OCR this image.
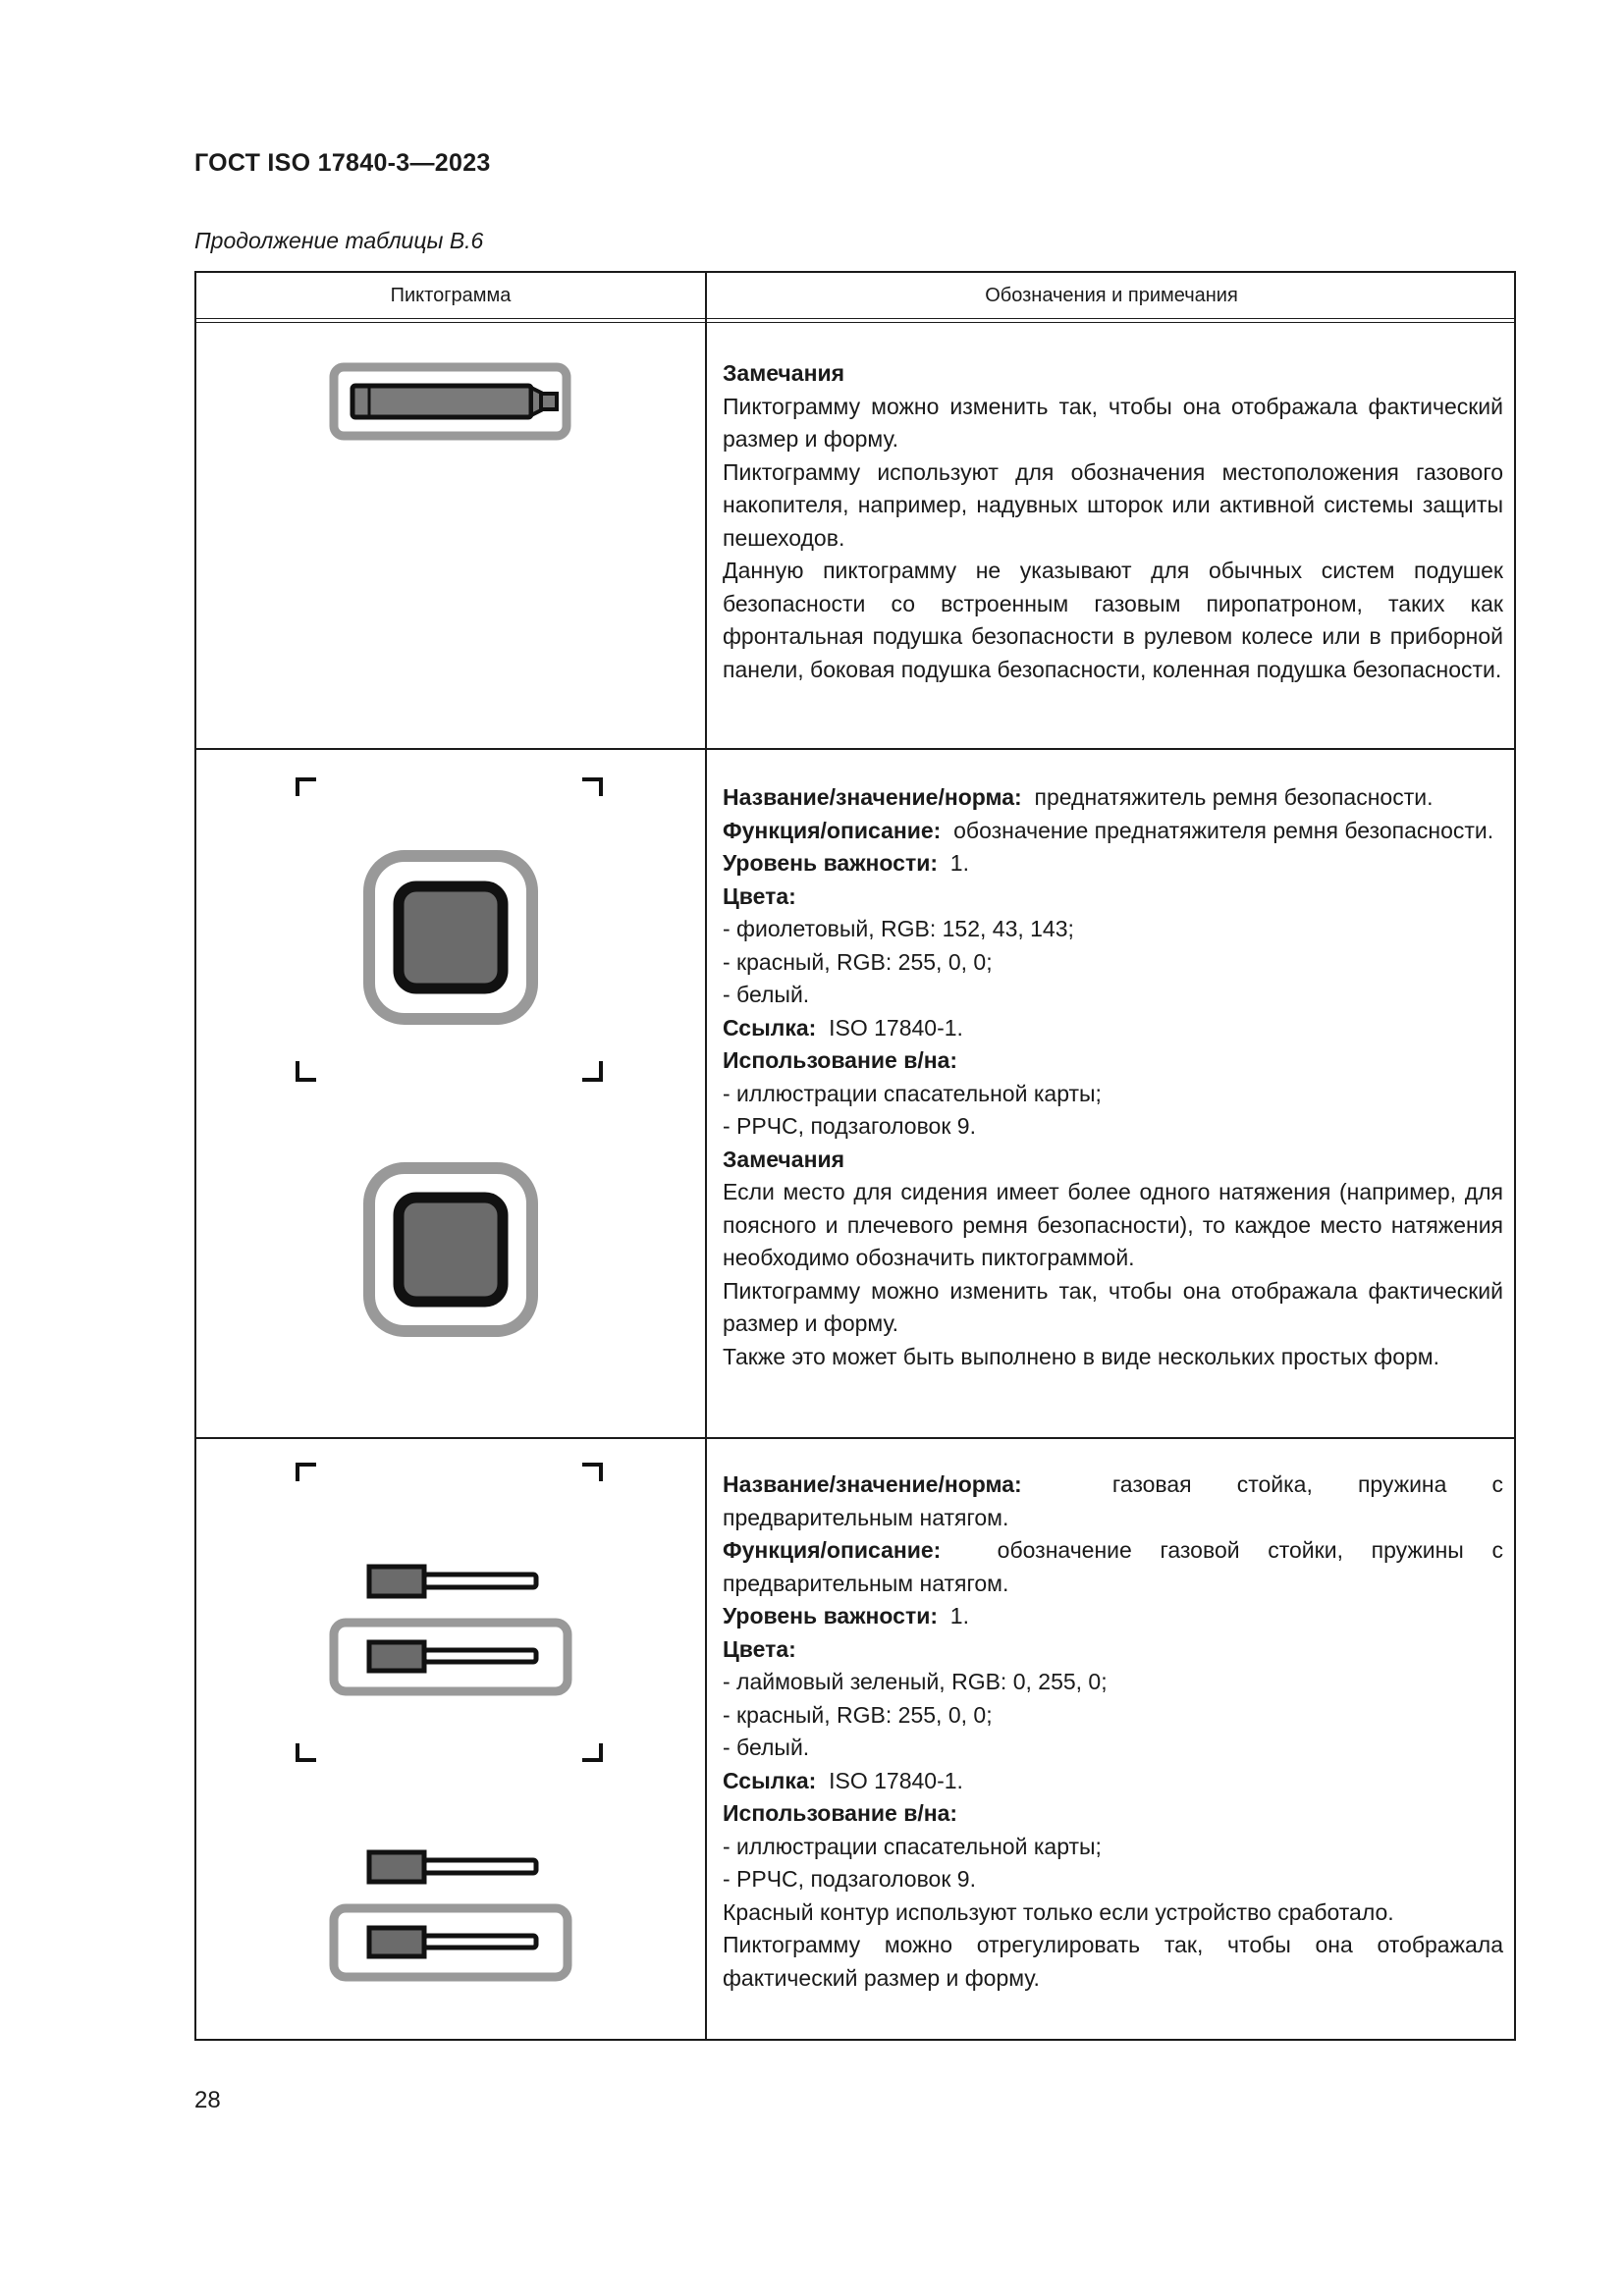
ГОСТ ISO 17840-3—2023
Продолжение таблицы В.6
Пиктограмма	Обозначения и примечания

Замечания

Пиктограмму можно изменить так, чтобы она отображала фактический размер и форму.

Пиктограмму используют для обозначения местоположения газового накопителя, например, надувных шторок или активной системы защиты пешеходов.

Данную пиктограмму не указывают для обычных систем подушек безопасности со встроенным газовым пиропатроном, таких как фронтальная подушка безопасности в рулевом колесе или в приборной панели, боковая подушка безопасности, коленная подушка безопасности.

Название/значение/норма: преднатяжитель ремня безопасности.

Функция/описание: обозначение преднатяжителя ремня безопасности.

Уровень важности: 1.

Цвета:

- фиолетовый, RGB: 152, 43, 143;

- красный, RGB: 255, 0, 0;

- белый.

Ссылка: ISO 17840-1.

Использование в/на:

- иллюстрации спасательной карты;

- РРЧС, подзаголовок 9.

Замечания

Если место для сидения имеет более одного натяжения (например, для поясного и плечевого ремня безопасности), то каждое место натяжения необходимо обозначить пиктограммой.

Пиктограмму можно изменить так, чтобы она отображала фактический размер и форму.

Также это может быть выполнено в виде нескольких простых форм.

Название/значение/норма:	газовая стойка, пружина с предварительным натягом.

Функция/описание: обозначение газовой стойки, пружины с предварительным натягом.

Уровень важности: 1.

Цвета:

- лаймовый зеленый, RGB: 0, 255, 0;

- красный, RGB: 255, 0, 0;

- белый.

Ссылка: ISO 17840-1.

Использование в/на:

- иллюстрации спасательной карты;

- РРЧС, подзаголовок 9.

Красный контур используют только если устройство сработало.

Пиктограмму можно отрегулировать так, чтобы она отображала фактический размер и форму.

28
